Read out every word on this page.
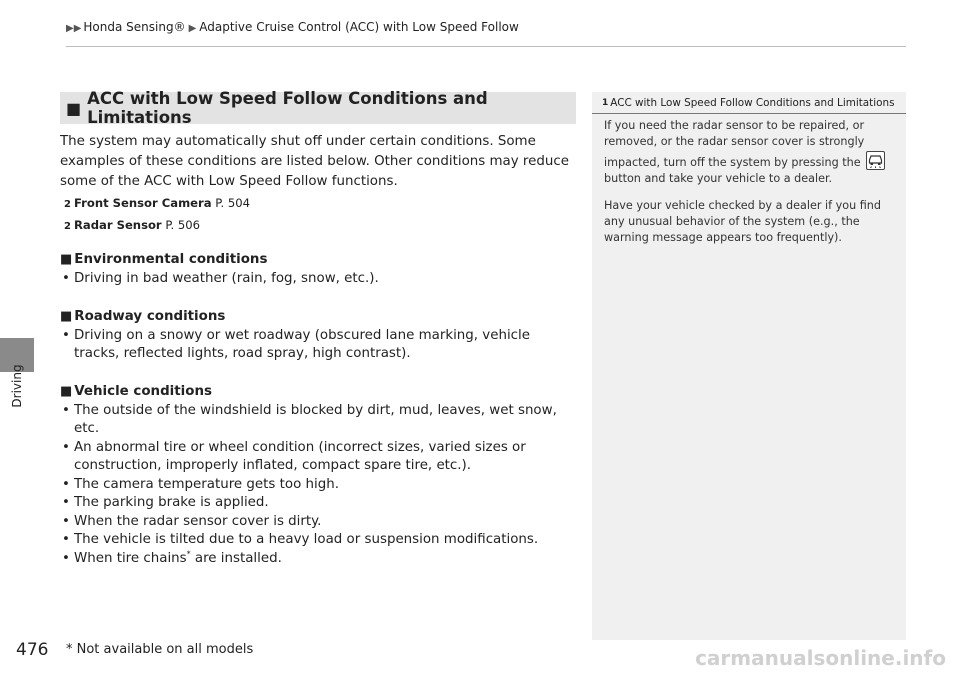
▶▶ Honda Sensing® ▶ Adaptive Cruise Control (ACC) with Low Speed Follow
Driving
■ ACC with Low Speed Follow Conditions and Limitations
The system may automatically shut off under certain conditions. Some examples of these conditions are listed below. Other conditions may reduce some of the ACC with Low Speed Follow functions.
2 Front Sensor Camera P. 504
2 Radar Sensor P. 506
■ Environmental conditions
• Driving in bad weather (rain, fog, snow, etc.).
■ Roadway conditions
• Driving on a snowy or wet roadway (obscured lane marking, vehicle tracks, reflected lights, road spray, high contrast).
■ Vehicle conditions
• The outside of the windshield is blocked by dirt, mud, leaves, wet snow, etc.
• An abnormal tire or wheel condition (incorrect sizes, varied sizes or construction, improperly inflated, compact spare tire, etc.).
• The camera temperature gets too high.
• The parking brake is applied.
• When the radar sensor cover is dirty.
• The vehicle is tilted due to a heavy load or suspension modifications.
• When tire chains* are installed.
1 ACC with Low Speed Follow Conditions and Limitations

If you need the radar sensor to be repaired, or removed, or the radar sensor cover is strongly impacted, turn off the system by pressing the
button and take your vehicle to a dealer.

Have your vehicle checked by a dealer if you find any unusual behavior of the system (e.g., the warning message appears too frequently).

476 * Not available on all models	carmanualsonline.info
